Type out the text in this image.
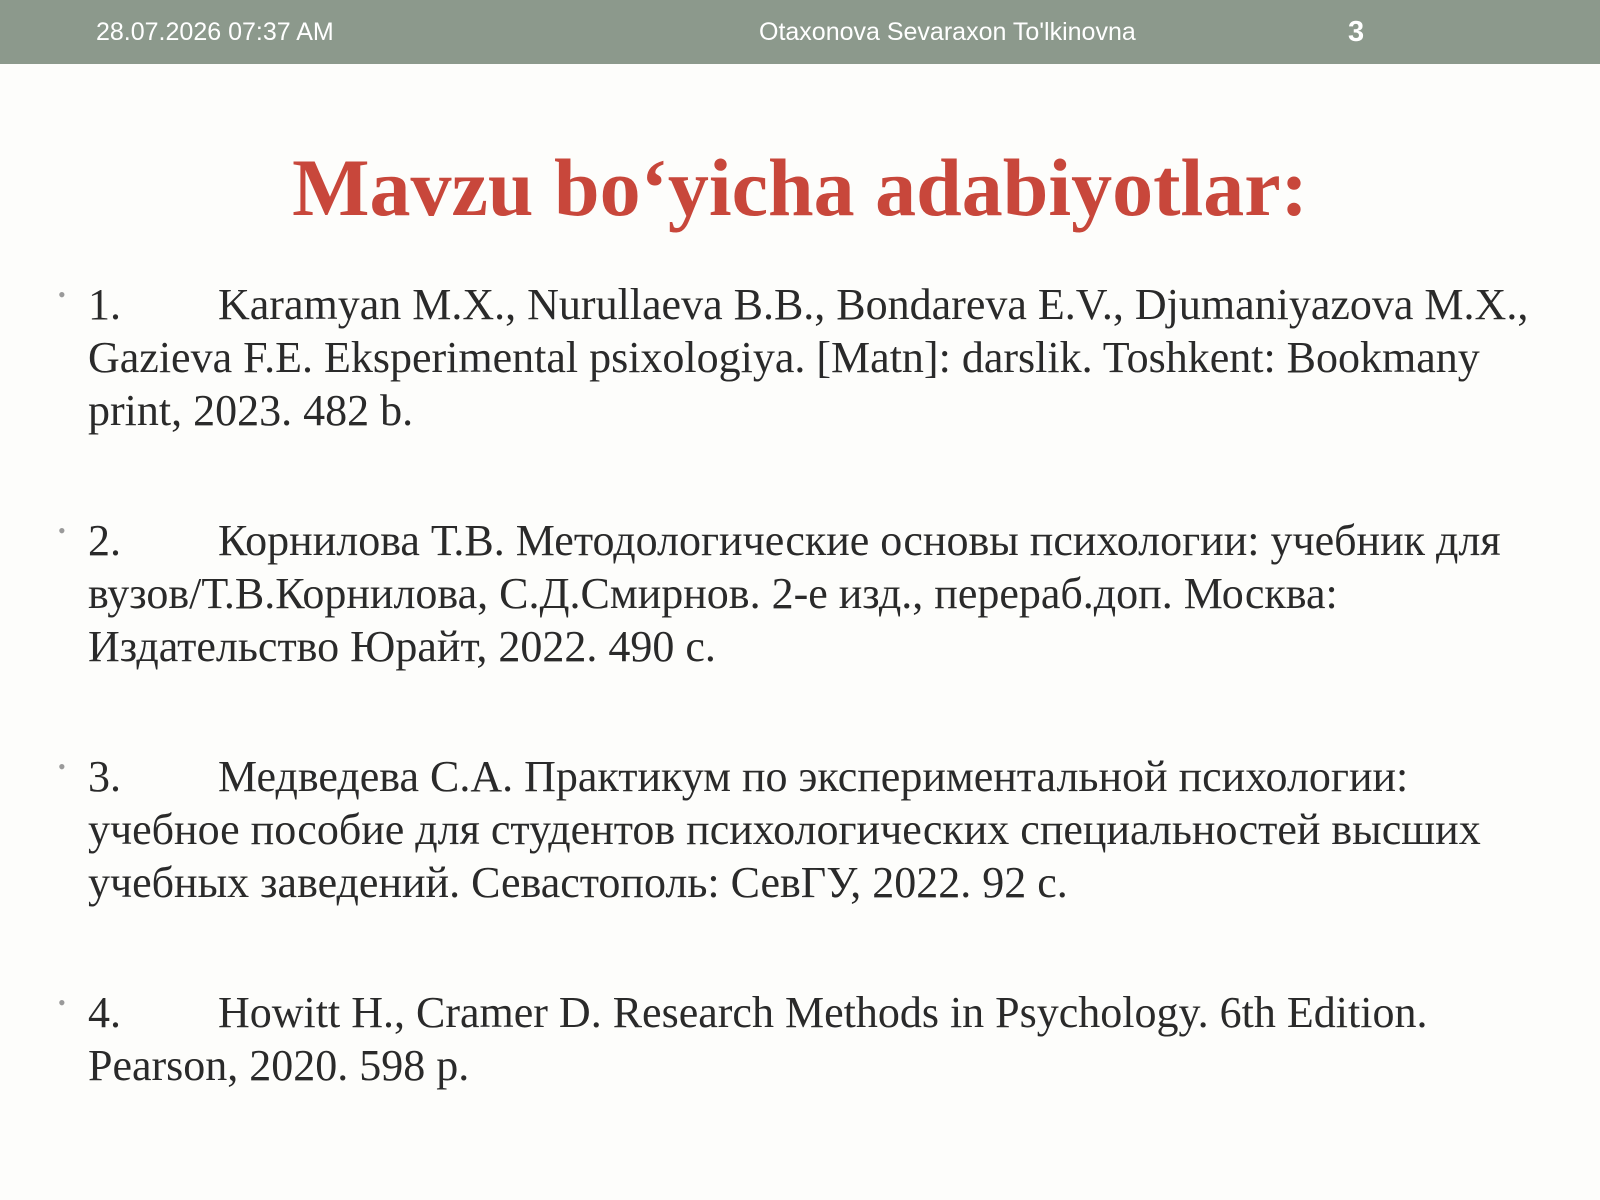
28.07.2026 07:37 AM	Otaxonova Sevaraxon To'lkinovna	3
Mavzu bo‘yicha adabiyotlar:
• 1. Karamyan M.X., Nurullaeva B.B., Bondareva E.V., Djumaniyazova M.X., Gazieva F.E. Eksperimental psixologiya. [Matn]: darslik. Toshkent: Bookmany print, 2023. 482 b.
• 2. Корнилова Т.В. Методологические основы психологии: учебник для вузов/Т.В.Корнилова, С.Д.Смирнов. 2-е изд., перераб.доп. Москва: Издательство Юрайт, 2022. 490 с.
• 3. Медведева С.А. Практикум по экспериментальной психологии: учебное пособие для студентов психологических специальностей высших учебных заведений. Севастополь: СевГУ, 2022. 92 с.
• 4. Howitt H., Cramer D. Research Methods in Psychology. 6th Edition. Pearson, 2020. 598 p.
